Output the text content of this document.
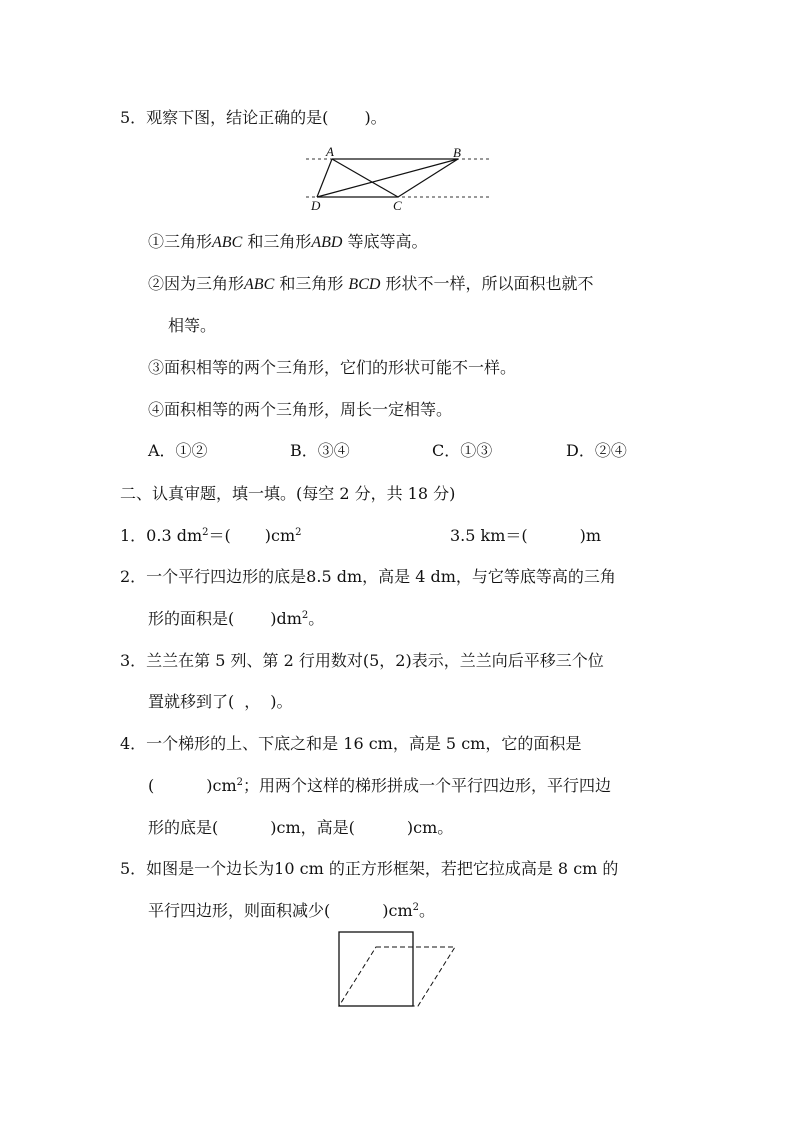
5．观察下图，结论正确的是( )。
A	B
D	C
①三角形ABC 和三角形ABD 等底等高。
②因为三角形ABC 和三角形 BCD 形状不一样，所以面积也就不
相等。
③面积相等的两个三角形，它们的形状可能不一样。
④面积相等的两个三角形，周长一定相等。
A．①②	B．③④	C．①③	D．②④
二、认真审题，填一填。(每空 2 分，共 18 分)
1．0.3 $dm^2=$( )$cm^2$	3.5 km＝(	)m
2．一个平行四边形的底是8.5 dm，高是 4 dm，与它等底等高的三角
形的面积是( )$dm^2$。
3．兰兰在第 5 列、第 2 行用数对(5，2)表示，兰兰向后平移三个位
置就移到了( ， )。
4．一个梯形的上、下底之和是 16 cm，高是 5 cm，它的面积是
(	)$cm^2$；用两个这样的梯形拼成一个平行四边形，平行四边
形的底是(	)cm，高是(	)cm。
5．如图是一个边长为10 cm 的正方形框架，若把它拉成高是 8 cm 的
平行四边形，则面积减少(	)$cm^2$。
